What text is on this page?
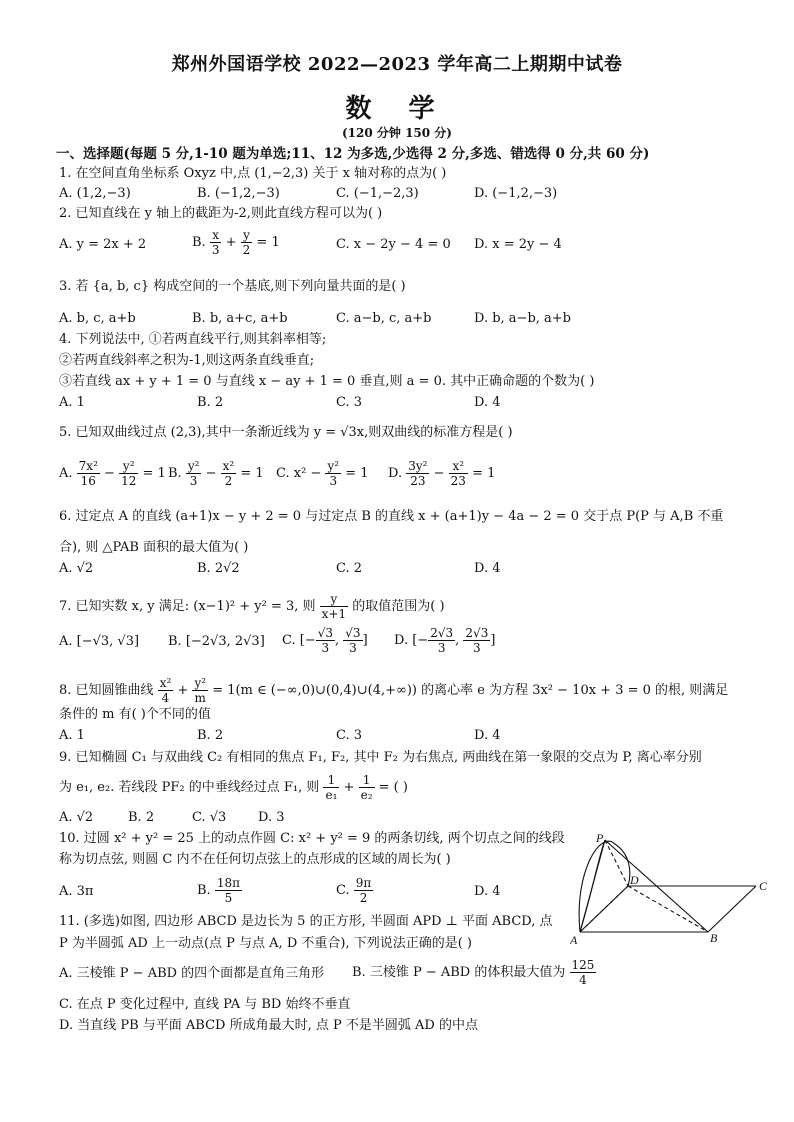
郑州外国语学校 2022—2023 学年高二上期期中试卷
数 学
(120 分钟 150 分)
一、选择题(每题 5 分,1-10 题为单选;11、12 为多选,少选得 2 分,多选、错选得 0 分,共 60 分)
1. 在空间直角坐标系 Oxyz 中,点 (1,−2,3) 关于 x 轴对称的点为( )
A. (1,2,−3)	B. (−1,2,−3)	C. (−1,−2,3)	D. (−1,2,−3)
2. 已知直线在 y 轴上的截距为-2,则此直线方程可以为( )
A. y = 2x + 2	B. $\frac{x}{3} + \frac{y}{2} = 1$	C. x − 2y − 4 = 0 D. x = 2y − 4
3. 若 {a, b, c} 构成空间的一个基底,则下列向量共面的是( )
A. b, c, a+b	B. b, a+c, a+b	C. a−b, c, a+b	D. b, a−b, a+b
4. 下列说法中, ①若两直线平行,则其斜率相等;
②若两直线斜率之积为-1,则这两条直线垂直;
③若直线 ax + y + 1 = 0 与直线 x − ay + 1 = 0 垂直,则 a = 0. 其中正确命题的个数为( )
A. 1	B. 2	C. 3	D. 4
5. 已知双曲线过点 (2,3),其中一条渐近线为 y = √3x,则双曲线的标准方程是( )
A. $\frac{\text{7x²}}{16} - \frac{\text{y²}}{12} = 1$ B. $\frac{\text{y²}}{3} - \frac{\text{x²}}{2} = 1$ C. $x^2 - \frac{\text{y²}}{3} = 1$ D. $\frac{\text{3y²}}{23} - \frac{\text{x²}}{23} = 1$
6. 过定点 A 的直线 (a+1)x − y + 2 = 0 与过定点 B 的直线 x + (a+1)y − 4a − 2 = 0 交于点 P(P 与 A,B 不重
合), 则 △PAB 面积的最大值为( )
A. √2	B. 2√2	C. 2	D. 4
7. 已知实数 x, y 满足: (x−1)² + y² = 3, 则 $\frac{y}{x+1}$ 的取值范围为( )
A. [−√3, √3] B. [−2√3, 2√3] C. [− $\frac{√3}{3}$ , $\frac{√3}{3}$ ] D. [− $\frac{2√3}{3}$ , $\frac{2√3}{3}$ ]
8. 已知圆锥曲线 $\frac{\text{x²}}{4} + \frac{\text{y²}}{m} = 1(m$ ∈ (−∞,0)∪(0,4)∪(4,+∞)) 的离心率 e 为方程 3x² − 10x + 3 = 0 的根, 则满足
条件的 m 有( )个不同的值
A. 1	B. 2	C. 3	D. 4
9. 已知椭圆 C₁ 与双曲线 C₂ 有相同的焦点 F₁, F₂, 其中 F₂ 为右焦点, 两曲线在第一象限的交点为 P, 离心率分别
为 e₁, e₂. 若线段 PF₂ 的中垂线经过点 F₁, 则 $\frac{1}{\text{e₁}} + \frac{1}{\text{e₂}}$ = ( )
A. √2	B. 2	C. √3 D. 3
10. 过圆 x² + y² = 25 上的动点作圆 C: x² + y² = 9 的两条切线, 两个切点之间的线段
称为切点弦, 则圆 C 内不在任何切点弦上的点形成的区域的周长为( )
A. 3π	B. $\frac{18\pi}{5}$	C. $\frac{9\pi}{2}$	D. 4
11. (多选)如图, 四边形 ABCD 是边长为 5 的正方形, 半圆面 APD ⊥ 平面 ABCD, 点
P 为半圆弧 AD 上一动点(点 P 与点 A, D 不重合), 下列说法正确的是( )
A. 三棱锥 P − ABD 的四个面都是直角三角形 B. 三棱锥 P − ABD 的体积最大值为 $\frac{125}{4}$
C. 在点 P 变化过程中, 直线 PA 与 BD 始终不垂直
D. 当直线 PB 与平面 ABCD 所成角最大时, 点 P 不是半圆弧 AD 的中点
P
D	C
A	B
